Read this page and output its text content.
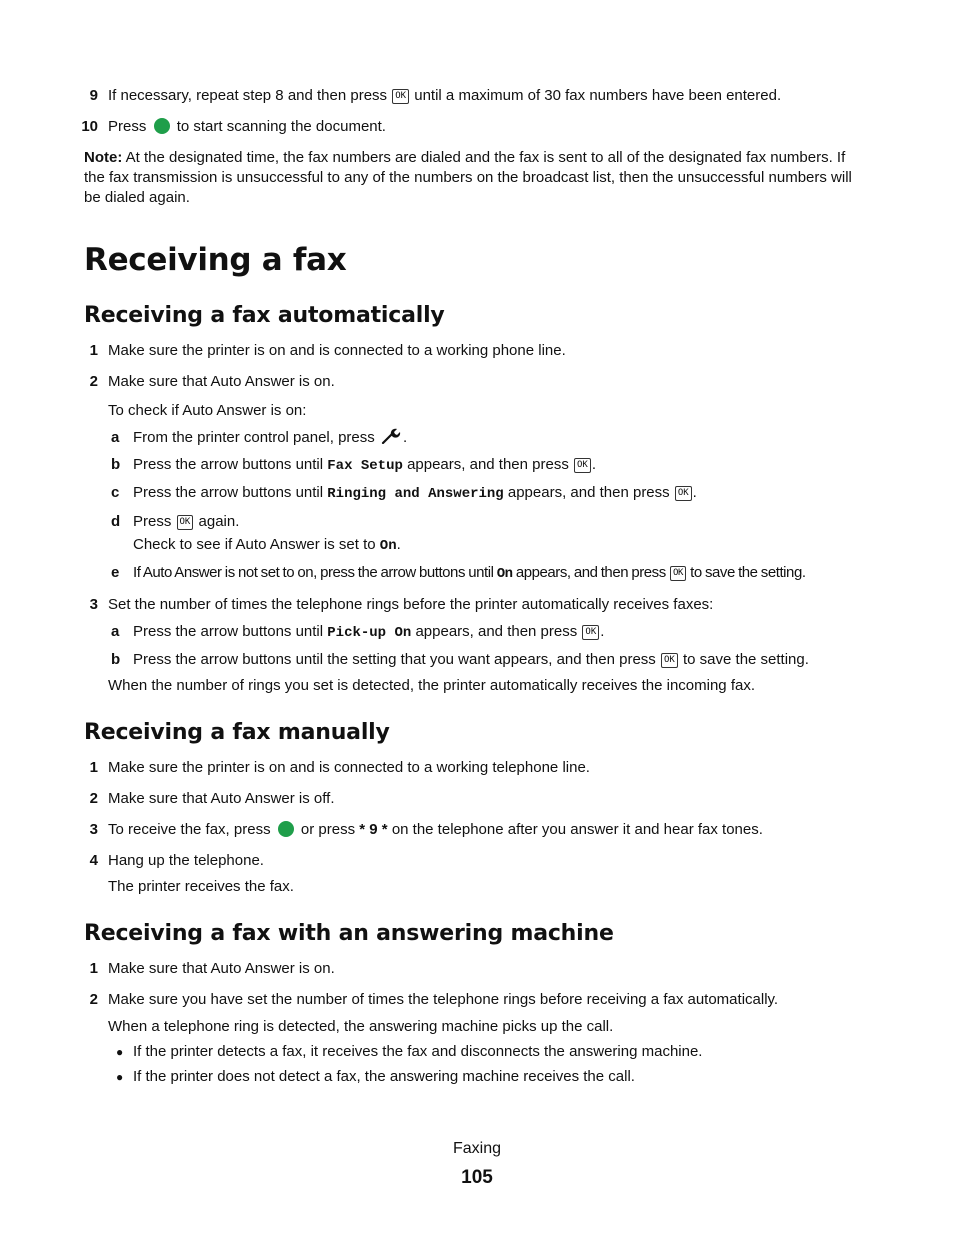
9 If necessary, repeat step 8 and then press OK until a maximum of 30 fax numbers have been entered.
10 Press to start scanning the document.
Note: At the designated time, the fax numbers are dialed and the fax is sent to all of the designated fax numbers. If
the fax transmission is unsuccessful to any of the numbers on the broadcast list, then the unsuccessful numbers will
be dialed again.
Receiving a fax
Receiving a fax automatically
1 Make sure the printer is on and is connected to a working phone line.
2 Make sure that Auto Answer is on.
To check if Auto Answer is on:
a From the printer control panel, press .
b Press the arrow buttons until Fax Setup appears, and then press OK .
c Press the arrow buttons until Ringing and Answering appears, and then press OK .
d Press OK again.
Check to see if Auto Answer is set to On.
e If Auto Answer is not set to on, press the arrow buttons until On appears, and then press OK to save the setting.
3 Set the number of times the telephone rings before the printer automatically receives faxes:
a Press the arrow buttons until Pick-up On appears, and then press OK .
b Press the arrow buttons until the setting that you want appears, and then press OK to save the setting.
When the number of rings you set is detected, the printer automatically receives the incoming fax.
Receiving a fax manually
1 Make sure the printer is on and is connected to a working telephone line.
2 Make sure that Auto Answer is off.
3 To receive the fax, press or press * 9 * on the telephone after you answer it and hear fax tones.
4 Hang up the telephone.
The printer receives the fax.
Receiving a fax with an answering machine
1 Make sure that Auto Answer is on.
2 Make sure you have set the number of times the telephone rings before receiving a fax automatically.
When a telephone ring is detected, the answering machine picks up the call.
● If the printer detects a fax, it receives the fax and disconnects the answering machine.
● If the printer does not detect a fax, the answering machine receives the call.
Faxing
105
